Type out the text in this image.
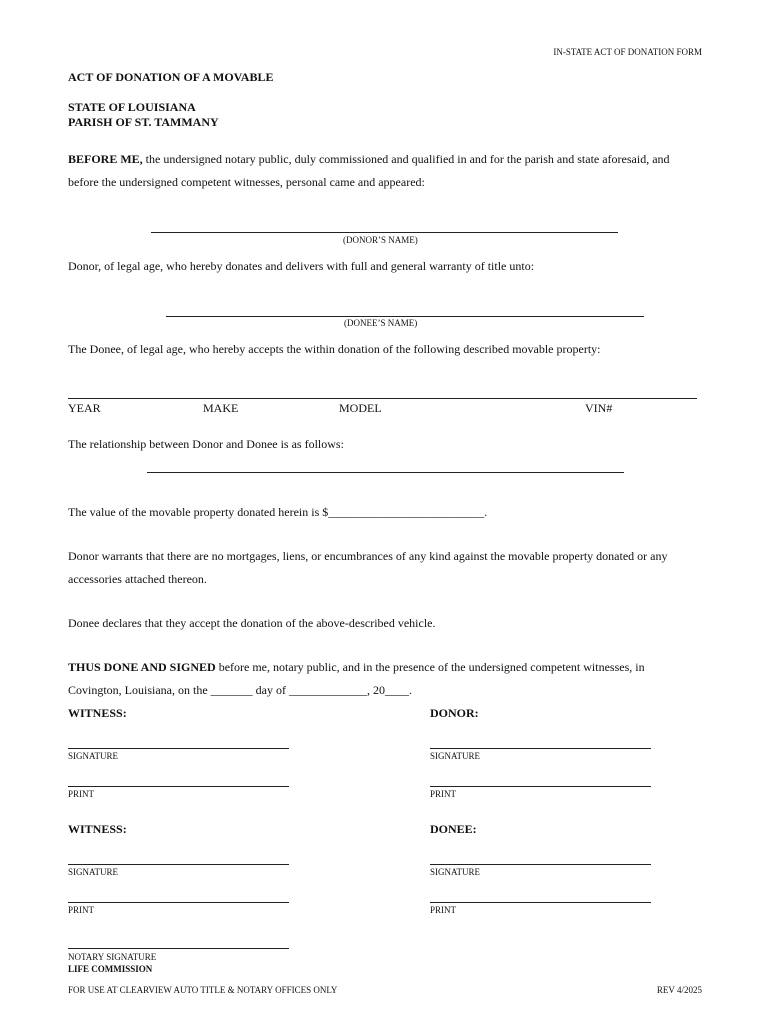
IN-STATE ACT OF DONATION FORM
ACT OF DONATION OF A MOVABLE
STATE OF LOUISIANA
PARISH OF ST. TAMMANY
BEFORE ME, the undersigned notary public, duly commissioned and qualified in and for the parish and state aforesaid, and
before the undersigned competent witnesses, personal came and appeared:
(DONOR’S NAME)
Donor, of legal age, who hereby donates and delivers with full and general warranty of title unto:
(DONEE’S NAME)
The Donee, of legal age, who hereby accepts the within donation of the following described movable property:
YEAR	MAKE	MODEL	VIN#
The relationship between Donor and Donee is as follows:
The value of the movable property donated herein is $__________________________.
Donor warrants that there are no mortgages, liens, or encumbrances of any kind against the movable property donated or any
accessories attached thereon.
Donee declares that they accept the donation of the above-described vehicle.
THUS DONE AND SIGNED before me, notary public, and in the presence of the undersigned competent witnesses, in
Covington, Louisiana, on the _______ day of _____________, 20____.
WITNESS:	DONOR:
SIGNATURE	SIGNATURE
PRINT	PRINT
WITNESS:	DONEE:
SIGNATURE	SIGNATURE
PRINT	PRINT
NOTARY SIGNATURE
LIFE COMMISSION
FOR USE AT CLEARVIEW AUTO TITLE & NOTARY OFFICES ONLY	REV 4/2025
